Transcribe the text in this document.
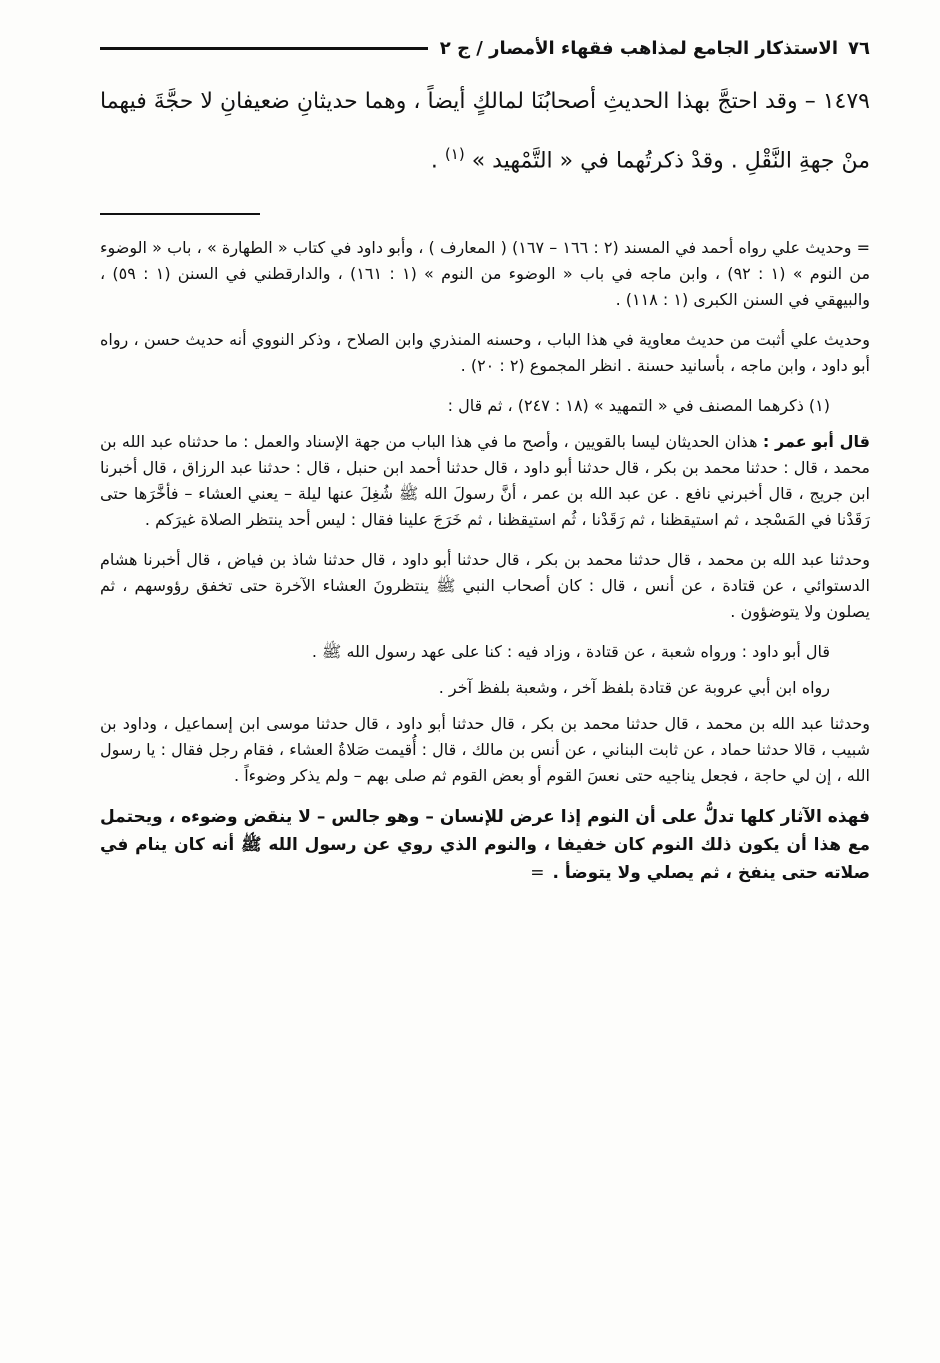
٧٦
الاستذكار الجامع لمذاهب فقهاء الأمصار / ج ٢
١٤٧٩ – وقد احتجَّ بهذا الحديثِ أصحابُنَا لمالكٍ أيضاً ، وهما حديثانِ ضعيفانِ لا حجَّةَ فيهما منْ جهةِ النَّقْلِ . وقدْ ذكرتُهما في « التَّمْهيد » $^{(١)}$ .

= وحديث علي رواه أحمد في المسند (٢ : ١٦٦ – ١٦٧) ( المعارف ) ، وأبو داود في كتاب « الطهارة » ، باب « الوضوء من النوم » (١ : ٩٢) ، وابن ماجه في باب « الوضوء من النوم » (١ : ١٦١) ، والدارقطني في السنن (١ : ٥٩) ، والبيهقي في السنن الكبرى (١ : ١١٨) .

وحديث علي أثبت من حديث معاوية في هذا الباب ، وحسنه المنذري وابن الصلاح ، وذكر النووي أنه حديث حسن ، رواه أبو داود ، وابن ماجه ، بأسانيد حسنة . انظر المجموع (٢ : ٢٠) .

(١) ذكرهما المصنف في « التمهيد » (١٨ : ٢٤٧) ، ثم قال :

قال أبو عمر : هذان الحديثان ليسا بالقويين ، وأصح ما في هذا الباب من جهة الإسناد والعمل : ما حدثناه عبد الله بن محمد ، قال : حدثنا محمد بن بكر ، قال حدثنا أبو داود ، قال حدثنا أحمد ابن حنبل ، قال : حدثنا عبد الرزاق ، قال أخبرنا ابن جريج ، قال أخبرني نافع . عن عبد الله بن عمر ، أنَّ رسولَ الله ﷺ شُغِلَ عنها ليلة – يعني العشاء – فأخَّرَها حتى رَقَدْنا في المَسْجد ، ثم استيقظنا ، ثم رَقَدْنا ، ثُم استيقظنا ، ثم خَرَجَ علينا فقال : ليس أحد ينتظر الصلاة غيرَكم .

وحدثنا عبد الله بن محمد ، قال حدثنا محمد بن بكر ، قال حدثنا أبو داود ، قال حدثنا شاذ بن فياض ، قال أخبرنا هشام الدستوائي ، عن قتادة ، عن أنس ، قال : كان أصحاب النبي ﷺ ينتظرونَ العشاء الآخرة حتى تخفق رؤوسهم ، ثم يصلون ولا يتوضؤون .

قال أبو داود : ورواه شعبة ، عن قتادة ، وزاد فيه : كنا على عهد رسول الله ﷺ .

رواه ابن أبي عروبة عن قتادة بلفظ آخر ، وشعبة بلفظ آخر .

وحدثنا عبد الله بن محمد ، قال حدثنا محمد بن بكر ، قال حدثنا أبو داود ، قال حدثنا موسى ابن إسماعيل ، وداود بن شبيب ، قالا حدثنا حماد ، عن ثابت البناني ، عن أنس بن مالك ، قال : أُقيمت صَلاةُ العشاء ، فقام رجل فقال : يا رسول الله ، إن لي حاجة ، فجعل يناجيه حتى نعسَ القوم أو بعض القوم ثم صلى بهم – ولم يذكر وضوءاً .

فهذه الآثار كلها تدلُّ على أن النوم إذا عرض للإنسان – وهو جالس – لا ينقض وضوءه ، ويحتمل مع هذا أن يكون ذلك النوم كان خفيفا ، والنوم الذي روي عن رسول الله ﷺ أنه كان ينام في صلاته حتى ينفخ ، ثم يصلي ولا يتوضأ .=
